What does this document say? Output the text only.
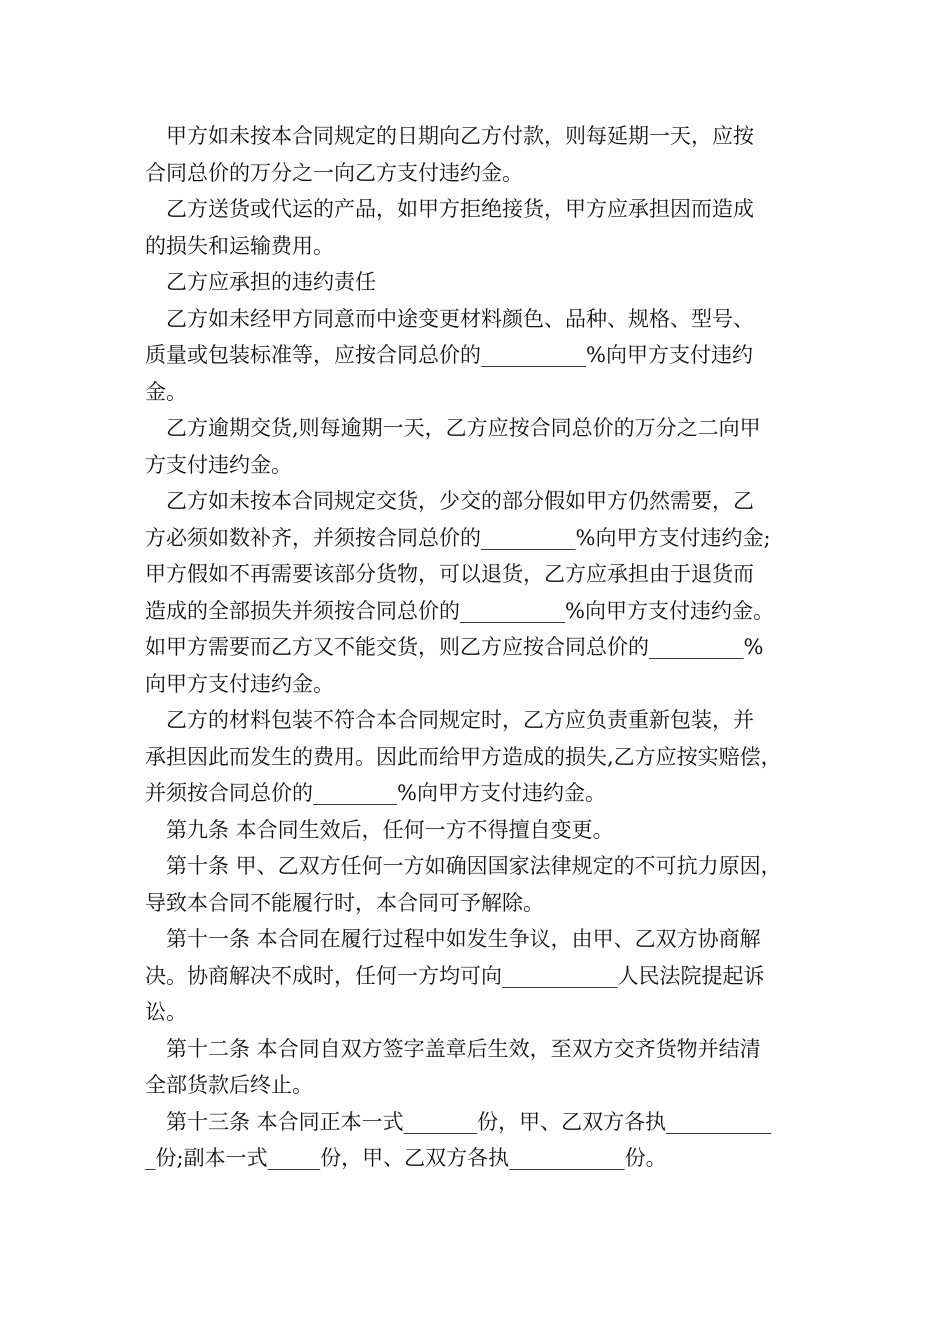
甲方如未按本合同规定的日期向乙方付款，则每延期一天，应按
合同总价的万分之一向乙方支付违约金。
乙方送货或代运的产品，如甲方拒绝接货，甲方应承担因而造成
的损失和运输费用。
乙方应承担的违约责任
乙方如未经甲方同意而中途变更材料颜色、品种、规格、型号、
质量或包装标准等，应按合同总价的__________%向甲方支付违约
金。
乙方逾期交货,则每逾期一天，乙方应按合同总价的万分之二向甲
方支付违约金。
乙方如未按本合同规定交货，少交的部分假如甲方仍然需要，乙
方必须如数补齐，并须按合同总价的_________%向甲方支付违约金;
甲方假如不再需要该部分货物，可以退货，乙方应承担由于退货而
造成的全部损失并须按合同总价的__________%向甲方支付违约金。
如甲方需要而乙方又不能交货，则乙方应按合同总价的_________%
向甲方支付违约金。
乙方的材料包装不符合本合同规定时，乙方应负责重新包装，并
承担因此而发生的费用。因此而给甲方造成的损失,乙方应按实赔偿，
并须按合同总价的________%向甲方支付违约金。
第九条 本合同生效后，任何一方不得擅自变更。
第十条 甲、乙双方任何一方如确因国家法律规定的不可抗力原因，
导致本合同不能履行时，本合同可予解除。
第十一条 本合同在履行过程中如发生争议，由甲、乙双方协商解
决。协商解决不成时，任何一方均可向___________人民法院提起诉
讼。
第十二条 本合同自双方签字盖章后生效，至双方交齐货物并结清
全部货款后终止。
第十三条 本合同正本一式_______份，甲、乙双方各执__________
_份;副本一式_____份，甲、乙双方各执___________份。
